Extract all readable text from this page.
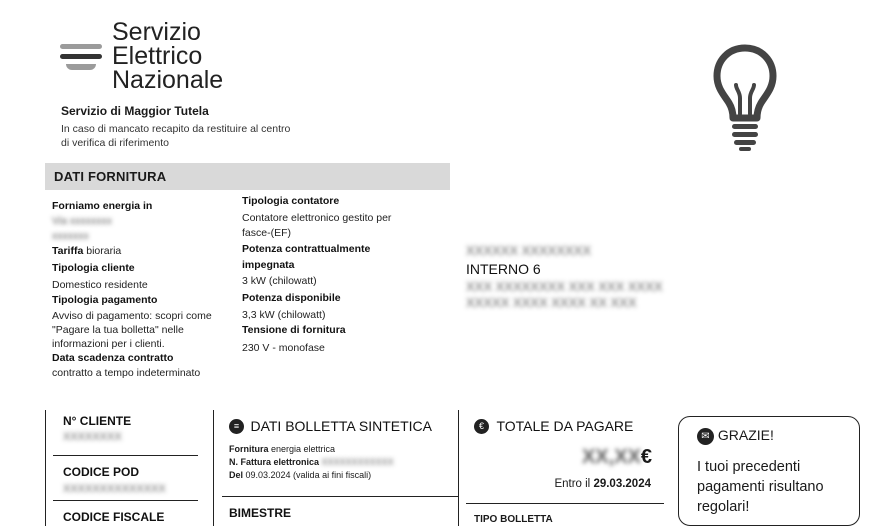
Servizio
Elettrico
Nazionale
Servizio di Maggior Tutela
In caso di mancato recapito da restituire al centro
di verifica di riferimento
DATI FORNITURA
Forniamo energia in
Via xxxxxxxx
xxxxxxx
Tariffa bioraria
Tipologia cliente
Domestico residente
Tipologia pagamento
Avviso di pagamento: scopri come "Pagare la tua bolletta" nelle informazioni per i clienti.
Data scadenza contratto
contratto a tempo indeterminato
Tipologia contatore
Contatore elettronico gestito per fasce-(EF)
Potenza contrattualmente impegnata
3 kW (chilowatt)
Potenza disponibile
3,3 kW (chilowatt)
Tensione di fornitura
230 V - monofase
XXXXXX XXXXXXXX
INTERNO 6
XXX XXXXXXXX XXX XXX XXXX
XXXXX XXXX XXXX XX XXX
N° CLIENTE
XXXXXXXX
CODICE POD
XXXXXXXXXXXXXX
CODICE FISCALE
≡ DATI BOLLETTA SINTETICA
Fornitura energia elettrica
N. Fattura elettronica XXXXXXXXXXXX
Del 09.03.2024 (valida ai fini fiscali)
BIMESTRE
€ TOTALE DA PAGARE
XX,XX€
Entro il 29.03.2024
TIPO BOLLETTA
✉ GRAZIE!
I tuoi precedenti pagamenti risultano regolari!
